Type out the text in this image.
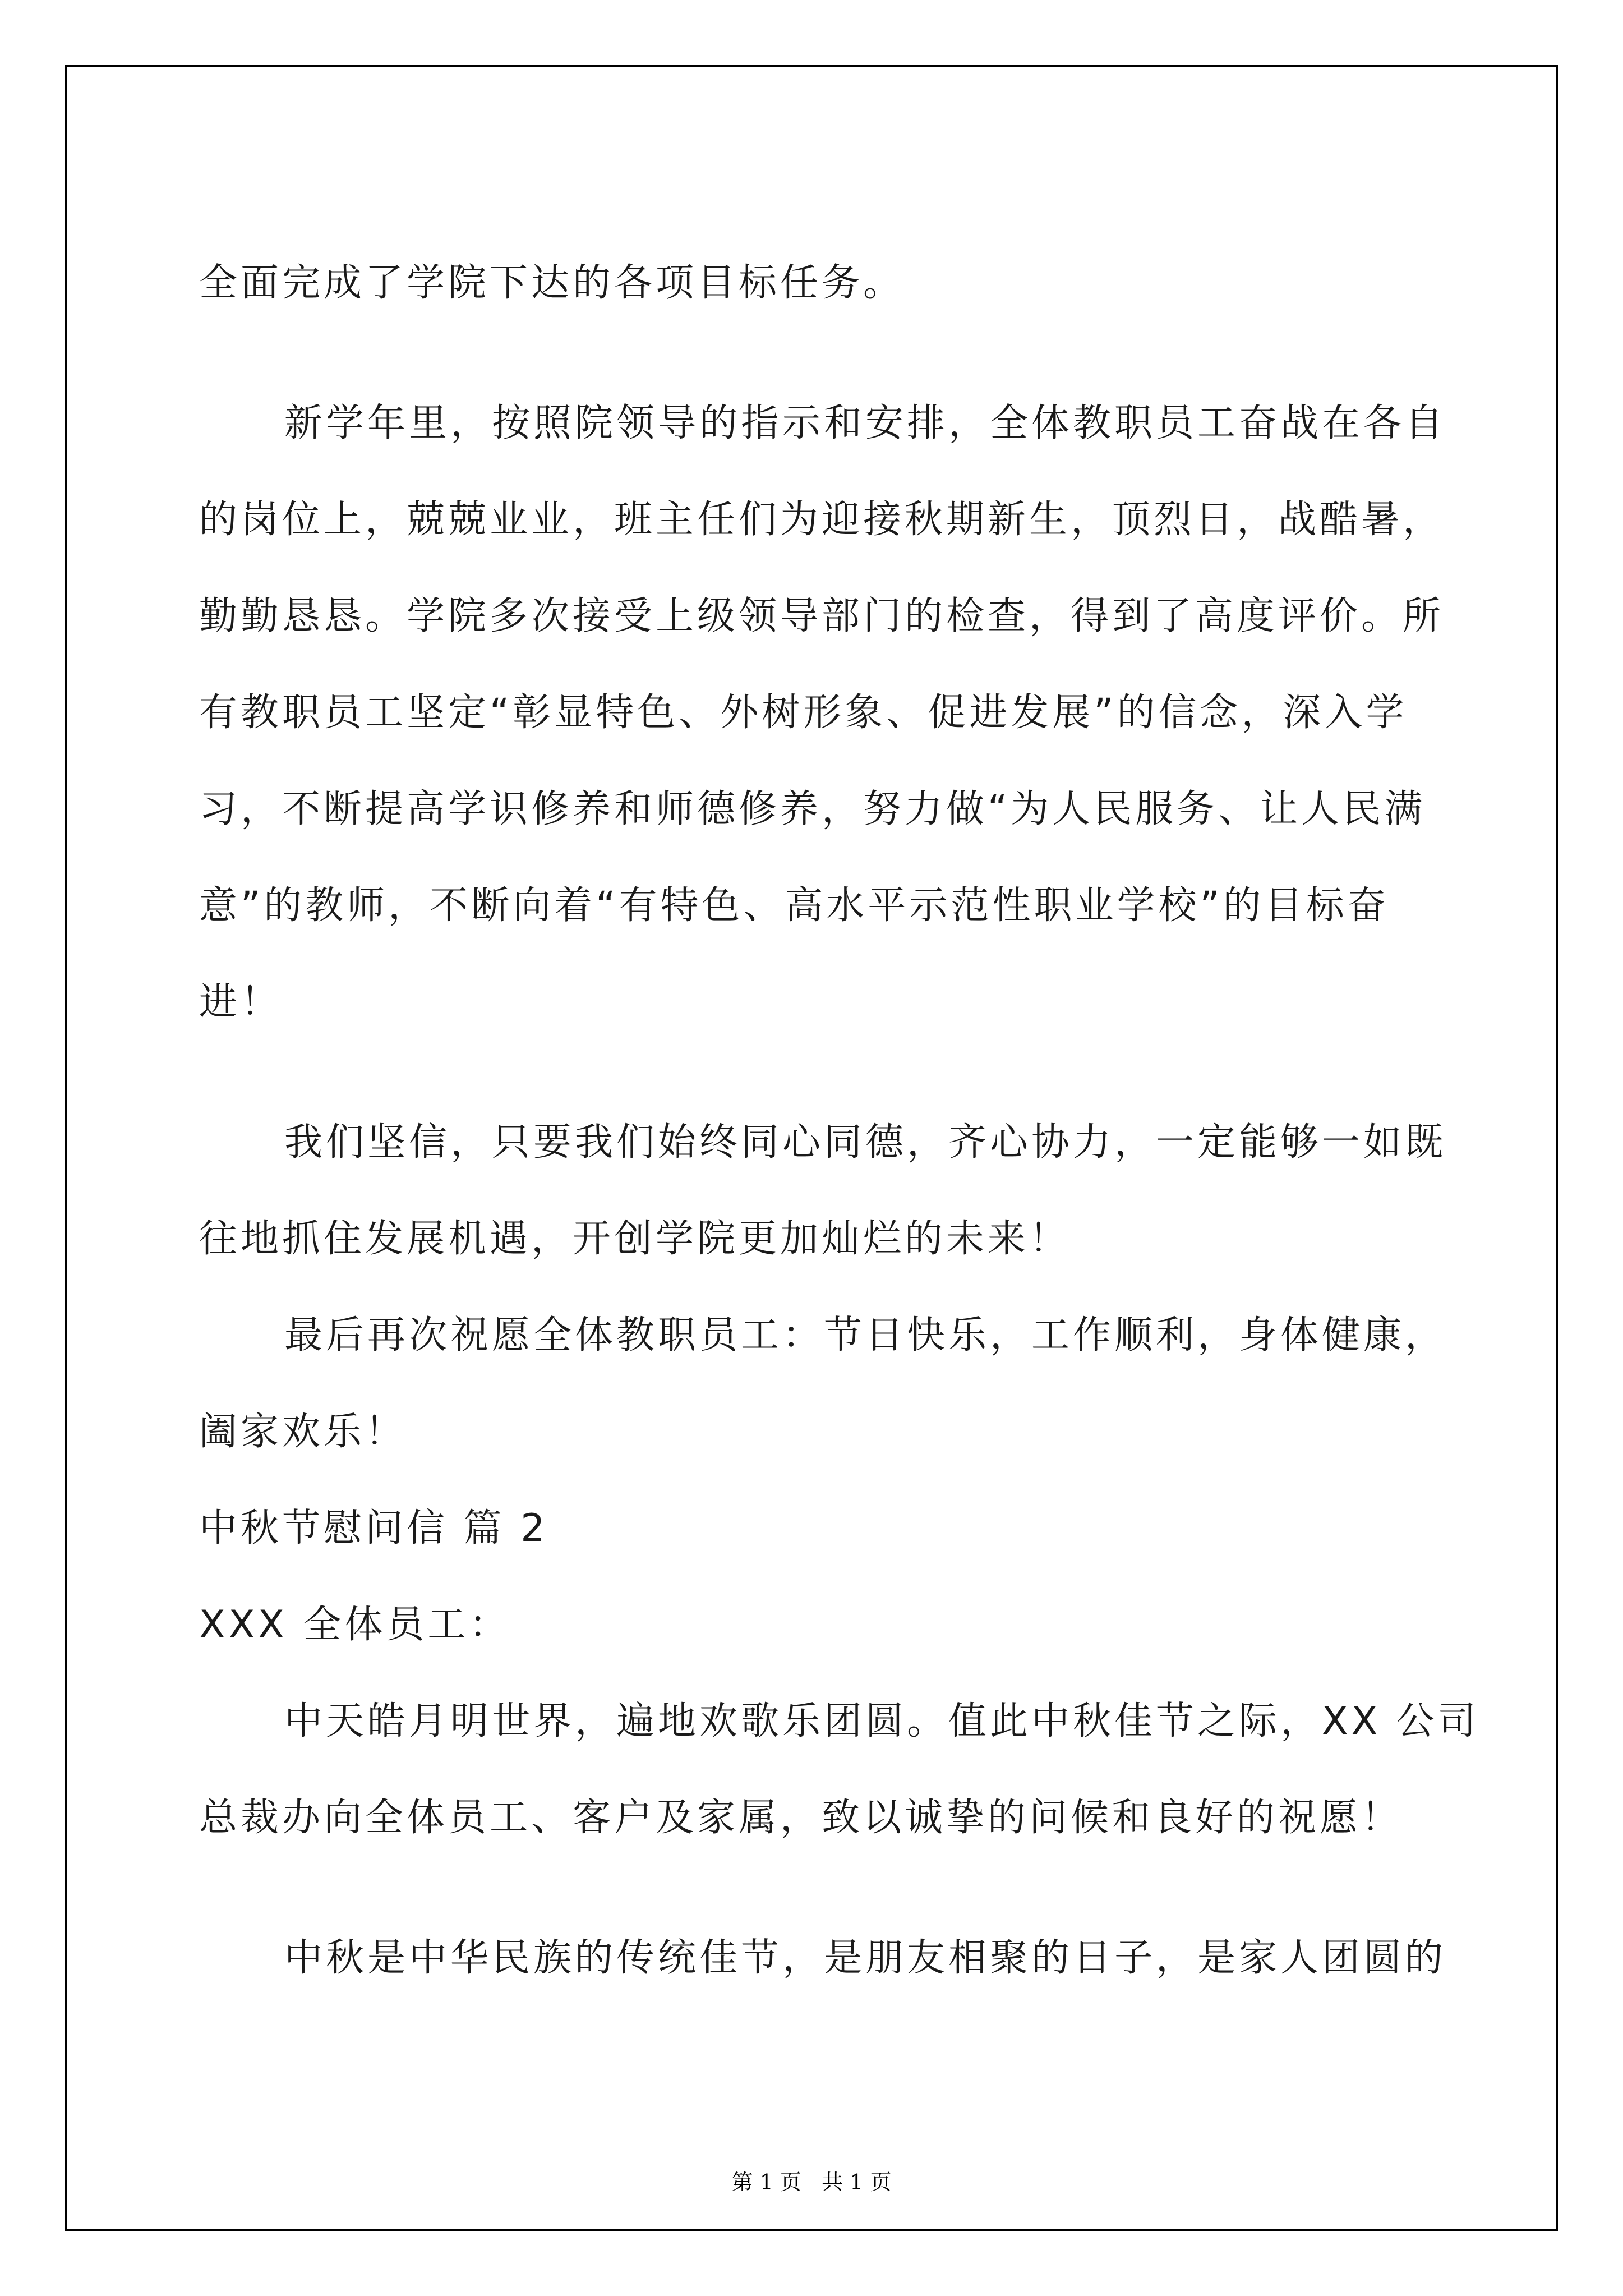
全面完成了学院下达的各项目标任务。
新学年里，按照院领导的指示和安排，全体教职员工奋战在各自
的岗位上，兢兢业业，班主任们为迎接秋期新生，顶烈日，战酷暑，
勤勤恳恳。学院多次接受上级领导部门的检查，得到了高度评价。所
有教职员工坚定“彰显特色、外树形象、促进发展”的信念，深入学
习，不断提高学识修养和师德修养，努力做“为人民服务、让人民满
意”的教师，不断向着“有特色、高水平示范性职业学校”的目标奋
进！
我们坚信，只要我们始终同心同德，齐心协力，一定能够一如既
往地抓住发展机遇，开创学院更加灿烂的未来！
最后再次祝愿全体教职员工：节日快乐，工作顺利，身体健康，
阖家欢乐！
中秋节慰问信 篇 2
XXX 全体员工：
中天皓月明世界，遍地欢歌乐团圆。值此中秋佳节之际，XX 公司
总裁办向全体员工、客户及家属，致以诚挚的问候和良好的祝愿！
中秋是中华民族的传统佳节，是朋友相聚的日子，是家人团圆的
第 1 页   共 1 页
